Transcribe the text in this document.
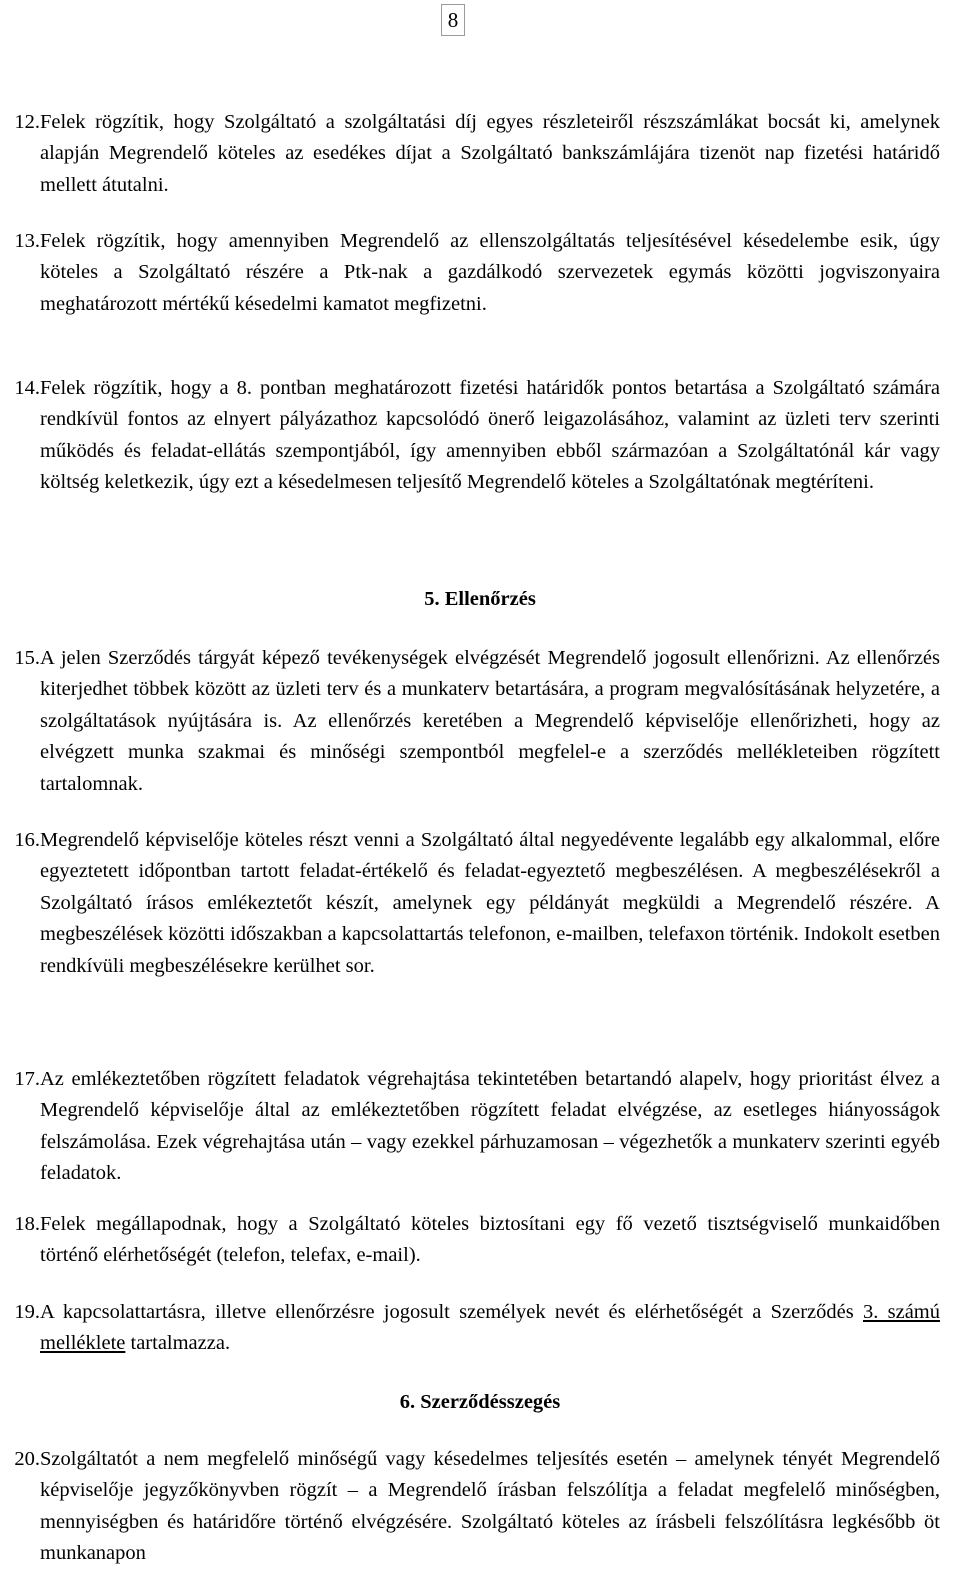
8
12. Felek rögzítik, hogy Szolgáltató a szolgáltatási díj egyes részleteiről részszámlákat bocsát ki, amelynek alapján Megrendelő köteles az esedékes díjat a Szolgáltató bankszámlájára tizenöt nap fizetési határidő mellett átutalni.
13. Felek rögzítik, hogy amennyiben Megrendelő az ellenszolgáltatás teljesítésével késedelembe esik, úgy köteles a Szolgáltató részére a Ptk-nak a gazdálkodó szervezetek egymás közötti jogviszonyaira meghatározott mértékű késedelmi kamatot megfizetni.
14. Felek rögzítik, hogy a 8. pontban meghatározott fizetési határidők pontos betartása a Szolgáltató számára rendkívül fontos az elnyert pályázathoz kapcsolódó önerő leigazolásához, valamint az üzleti terv szerinti működés és feladat-ellátás szempontjából, így amennyiben ebből származóan a Szolgáltatónál kár vagy költség keletkezik, úgy ezt a késedelmesen teljesítő Megrendelő köteles a Szolgáltatónak megtéríteni.
5. Ellenőrzés
15. A jelen Szerződés tárgyát képező tevékenységek elvégzését Megrendelő jogosult ellenőrizni. Az ellenőrzés kiterjedhet többek között az üzleti terv és a munkaterv betartására, a program megvalósításának helyzetére, a szolgáltatások nyújtására is. Az ellenőrzés keretében a Megrendelő képviselője ellenőrizheti, hogy az elvégzett munka szakmai és minőségi szempontból megfelel-e a szerződés mellékleteiben rögzített tartalomnak.
16. Megrendelő képviselője köteles részt venni a Szolgáltató által negyedévente legalább egy alkalommal, előre egyeztetett időpontban tartott feladat-értékelő és feladat-egyeztető megbeszélésen. A megbeszélésekről a Szolgáltató írásos emlékeztetőt készít, amelynek egy példányát megküldi a Megrendelő részére. A megbeszélések közötti időszakban a kapcsolattartás telefonon, e-mailben, telefaxon történik. Indokolt esetben rendkívüli megbeszélésekre kerülhet sor.
17. Az emlékeztetőben rögzített feladatok végrehajtása tekintetében betartandó alapelv, hogy prioritást élvez a Megrendelő képviselője által az emlékeztetőben rögzített feladat elvégzése, az esetleges hiányosságok felszámolása. Ezek végrehajtása után – vagy ezekkel párhuzamosan – végezhetők a munkaterv szerinti egyéb feladatok.
18. Felek megállapodnak, hogy a Szolgáltató köteles biztosítani egy fő vezető tisztségviselő munkaidőben történő elérhetőségét (telefon, telefax, e-mail).
19. A kapcsolattartásra, illetve ellenőrzésre jogosult személyek nevét és elérhetőségét a Szerződés 3. számú melléklete tartalmazza.
6. Szerződésszegés
20. Szolgáltatót a nem megfelelő minőségű vagy késedelmes teljesítés esetén – amelynek tényét Megrendelő képviselője jegyzőkönyvben rögzít – a Megrendelő írásban felszólítja a feladat megfelelő minőségben, mennyiségben és határidőre történő elvégzésére. Szolgáltató köteles az írásbeli felszólításra legkésőbb öt munkanapon
